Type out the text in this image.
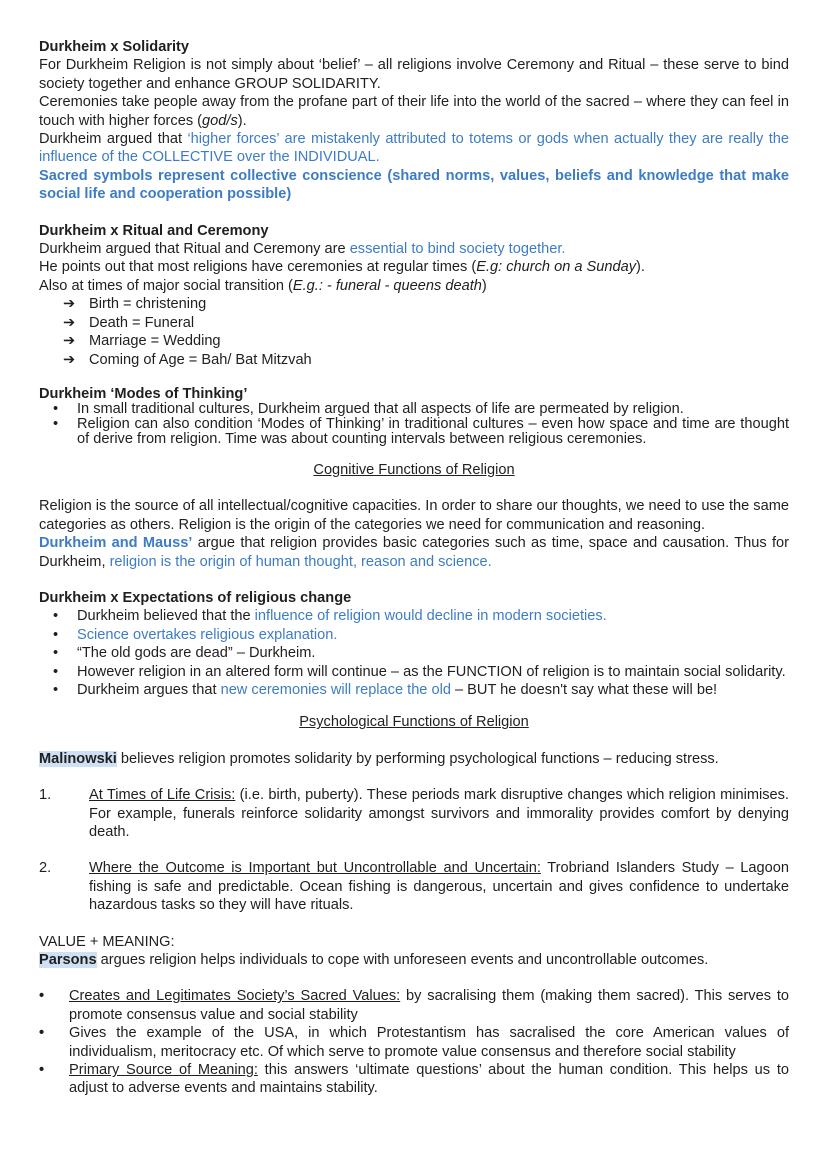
Durkheim x Solidarity

For Durkheim Religion is not simply about ‘belief’ – all religions involve Ceremony and Ritual – these serve to bind society together and enhance GROUP SOLIDARITY.

Ceremonies take people away from the profane part of their life into the world of the sacred – where they can feel in touch with higher forces (god/s).

Durkheim argued that ‘higher forces’ are mistakenly attributed to totems or gods when actually they are really the influence of the COLLECTIVE over the INDIVIDUAL.

Sacred symbols represent collective conscience (shared norms, values, beliefs and knowledge that make social life and cooperation possible)

Durkheim x Ritual and Ceremony

Durkheim argued that Ritual and Ceremony are essential to bind society together.

He points out that most religions have ceremonies at regular times (E.g: church on a Sunday).

Also at times of major social transition (E.g.: - funeral - queens death)

➔ Birth = christening
➔ Death = Funeral
➔ Marriage = Wedding
➔ Coming of Age = Bah/ Bat Mitzvah

Durkheim ‘Modes of Thinking’

• In small traditional cultures, Durkheim argued that all aspects of life are permeated by religion.
• Religion can also condition ‘Modes of Thinking’ in traditional cultures – even how space and time are thought of derive from religion. Time was about counting intervals between religious ceremonies.

Cognitive Functions of Religion

Religion is the source of all intellectual/cognitive capacities. In order to share our thoughts, we need to use the same categories as others. Religion is the origin of the categories we need for communication and reasoning.

Durkheim and Mauss’ argue that religion provides basic categories such as time, space and causation. Thus for Durkheim, religion is the origin of human thought, reason and science.

Durkheim x Expectations of religious change

• Durkheim believed that the influence of religion would decline in modern societies.
• Science overtakes religious explanation.
• “The old gods are dead” – Durkheim.
• However religion in an altered form will continue – as the FUNCTION of religion is to maintain social solidarity.
• Durkheim argues that new ceremonies will replace the old – BUT he doesn't say what these will be!

Psychological Functions of Religion

Malinowski believes religion promotes solidarity by performing psychological functions – reducing stress.

1.	At Times of Life Crisis: (i.e. birth, puberty). These periods mark disruptive changes which religion minimises. For example, funerals reinforce solidarity amongst survivors and immorality provides comfort by denying death.

2.	Where the Outcome is Important but Uncontrollable and Uncertain: Trobriand Islanders Study – Lagoon fishing is safe and predictable. Ocean fishing is dangerous, uncertain and gives confidence to undertake hazardous tasks so they will have rituals.

VALUE + MEANING:

Parsons argues religion helps individuals to cope with unforeseen events and uncontrollable outcomes.

• Creates and Legitimates Society’s Sacred Values: by sacralising them (making them sacred). This serves to promote consensus value and social stability

• Gives the example of the USA, in which Protestantism has sacralised the core American values of individualism, meritocracy etc. Of which serve to promote value consensus and therefore social stability

• Primary Source of Meaning: this answers ‘ultimate questions’ about the human condition. This helps us to adjust to adverse events and maintains stability.
